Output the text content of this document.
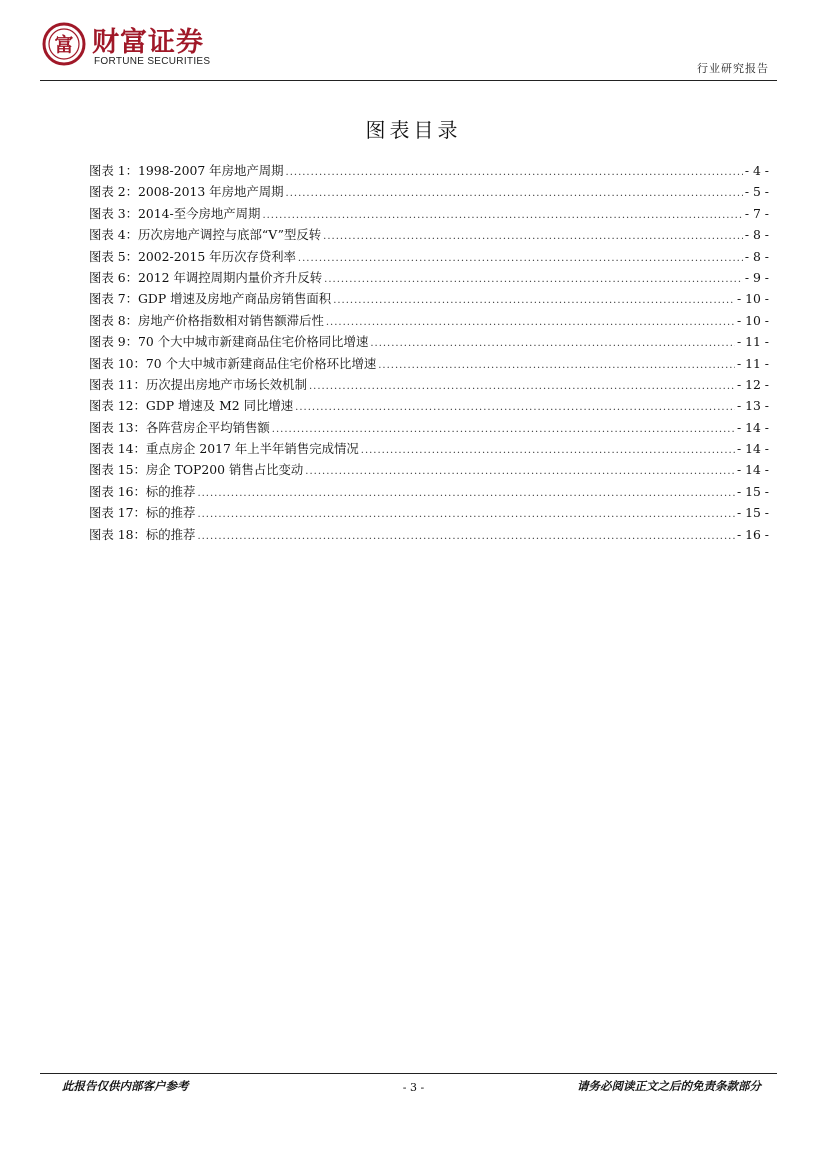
富 财富证券
FORTUNE SECURITIES
行业研究报告
图表目录
图表 1：1998-2007 年房地产周期 .....	- 4 -
图表 2：2008-2013 年房地产周期 .....	- 5 -
图表 3：2014-至今房地产周期 .....	- 7 -
图表 4：历次房地产调控与底部“V”型反转 .....	- 8 -
图表 5：2002-2015 年历次存贷利率 .....	- 8 -
图表 6：2012 年调控周期内量价齐升反转 .....	- 9 -
图表 7：GDP 增速及房地产商品房销售面积 .....	- 10 -
图表 8：房地产价格指数相对销售额滞后性 .....	- 10 -
图表 9：70 个大中城市新建商品住宅价格同比增速 .....	- 11 -
图表 10：70 个大中城市新建商品住宅价格环比增速 .....	- 11 -
图表 11：历次提出房地产市场长效机制 .....	- 12 -
图表 12：GDP 增速及 M2 同比增速 .....	- 13 -
图表 13：各阵营房企平均销售额 .....	- 14 -
图表 14：重点房企 2017 年上半年销售完成情况 .....	- 14 -
图表 15：房企 TOP200 销售占比变动 .....	- 14 -
图表 16：标的推荐 .....	- 15 -
图表 17：标的推荐 .....	- 15 -
图表 18：标的推荐 .....	- 16 -
此报告仅供内部客户参考	- 3 -	请务必阅读正文之后的免责条款部分
